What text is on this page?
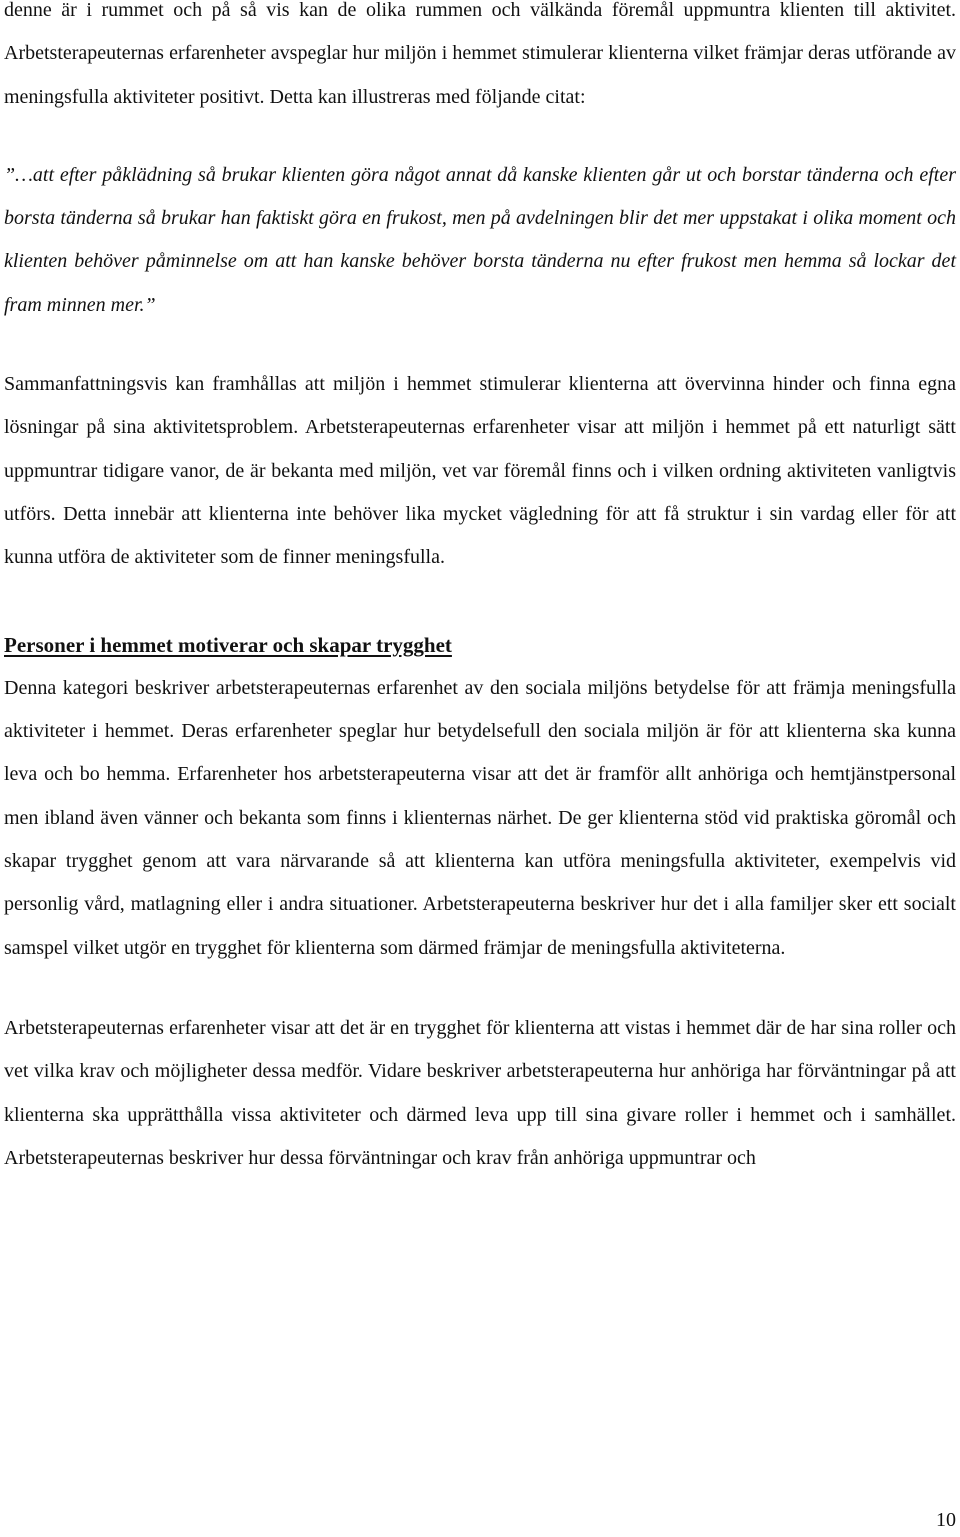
denne är i rummet och på så vis kan de olika rummen och välkända föremål uppmuntra klienten till aktivitet. Arbetsterapeuternas erfarenheter avspeglar hur miljön i hemmet stimulerar klienterna vilket främjar deras utförande av meningsfulla aktiviteter positivt. Detta kan illustreras med följande citat:

”…att efter påklädning så brukar klienten göra något annat då kanske klienten går ut och borstar tänderna och efter borsta tänderna så brukar han faktiskt göra en frukost, men på avdelningen blir det mer uppstakat i olika moment och klienten behöver påminnelse om att han kanske behöver borsta tänderna nu efter frukost men hemma så lockar det fram minnen mer.”

Sammanfattningsvis kan framhållas att miljön i hemmet stimulerar klienterna att övervinna hinder och finna egna lösningar på sina aktivitetsproblem. Arbetsterapeuternas erfarenheter visar att miljön i hemmet på ett naturligt sätt uppmuntrar tidigare vanor, de är bekanta med miljön, vet var föremål finns och i vilken ordning aktiviteten vanligtvis utförs. Detta innebär att klienterna inte behöver lika mycket vägledning för att få struktur i sin vardag eller för att kunna utföra de aktiviteter som de finner meningsfulla.

Personer i hemmet motiverar och skapar trygghet

Denna kategori beskriver arbetsterapeuternas erfarenhet av den sociala miljöns betydelse för att främja meningsfulla aktiviteter i hemmet. Deras erfarenheter speglar hur betydelsefull den sociala miljön är för att klienterna ska kunna leva och bo hemma. Erfarenheter hos arbetsterapeuterna visar att det är framför allt anhöriga och hemtjänstpersonal men ibland även vänner och bekanta som finns i klienternas närhet. De ger klienterna stöd vid praktiska göromål och skapar trygghet genom att vara närvarande så att klienterna kan utföra meningsfulla aktiviteter, exempelvis vid personlig vård, matlagning eller i andra situationer. Arbetsterapeuterna beskriver hur det i alla familjer sker ett socialt samspel vilket utgör en trygghet för klienterna som därmed främjar de meningsfulla aktiviteterna.

Arbetsterapeuternas erfarenheter visar att det är en trygghet för klienterna att vistas i hemmet där de har sina roller och vet vilka krav och möjligheter dessa medför. Vidare beskriver arbetsterapeuterna hur anhöriga har förväntningar på att klienterna ska upprätthålla vissa aktiviteter och därmed leva upp till sina givare roller i hemmet och i samhället. Arbetsterapeuternas beskriver hur dessa förväntningar och krav från anhöriga uppmuntrar och

10
